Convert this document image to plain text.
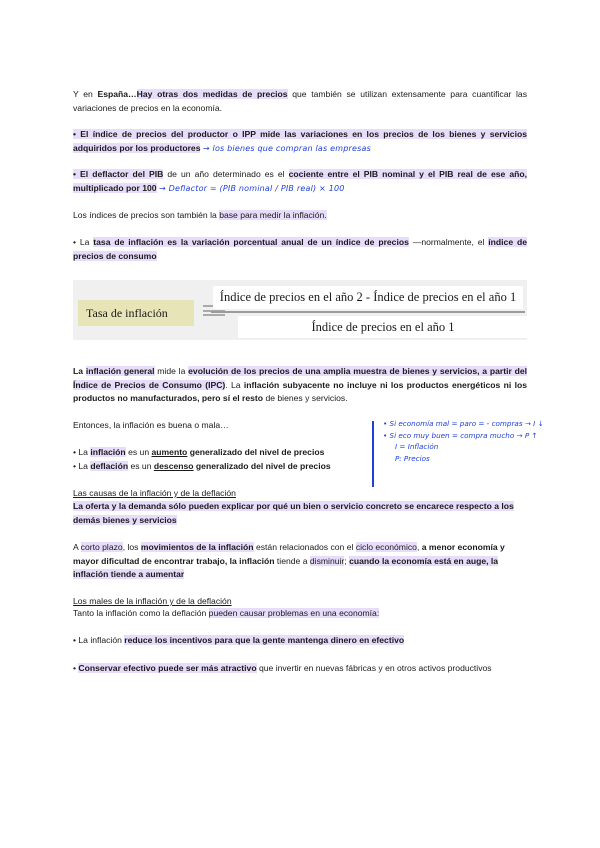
Y en España…Hay otras dos medidas de precios que también se utilizan extensamente para cuantificar las variaciones de precios en la economía.
• El índice de precios del productor o IPP mide las variaciones en los precios de los bienes y servicios adquiridos por los productores → los bienes que compran las empresas
• El deflactor del PIB de un año determinado es el cociente entre el PIB nominal y el PIB real de ese año, multiplicado por 100 → Deflactor = (PIB nominal / PIB real) × 100
Los índices de precios son también la base para medir la inflación.
• La tasa de inflación es la variación porcentual anual de un índice de precios —normalmente, el índice de precios de consumo
Tasa de inflación
Índice de precios en el año 2 - Índice de precios en el año 1
Índice de precios en el año 1
La inflación general mide la evolución de los precios de una amplia muestra de bienes y servicios, a partir del Índice de Precios de Consumo (IPC). La inflación subyacente no incluye ni los productos energéticos ni los productos no manufacturados, pero sí el resto de bienes y servicios.
Entonces, la inflación es buena o mala…
• La inflación es un aumento generalizado del nivel de precios
• La deflación es un descenso generalizado del nivel de precios
• Si economía mal = paro = - compras → I ↓
• Si eco muy buen = compra mucho → P ↑
I = Inflación
P: Precios
Las causas de la inflación y de la deflación
La oferta y la demanda sólo pueden explicar por qué un bien o servicio concreto se encarece respecto a los demás bienes y servicios
A corto plazo, los movimientos de la inflación están relacionados con el ciclo económico, a menor economía y mayor dificultad de encontrar trabajo, la inflación tiende a disminuir; cuando la economía está en auge, la inflación tiende a aumentar
Los males de la inflación y de la deflación
Tanto la inflación como la deflación pueden causar problemas en una economía:
• La inflación reduce los incentivos para que la gente mantenga dinero en efectivo
• Conservar efectivo puede ser más atractivo que invertir en nuevas fábricas y en otros activos productivos
